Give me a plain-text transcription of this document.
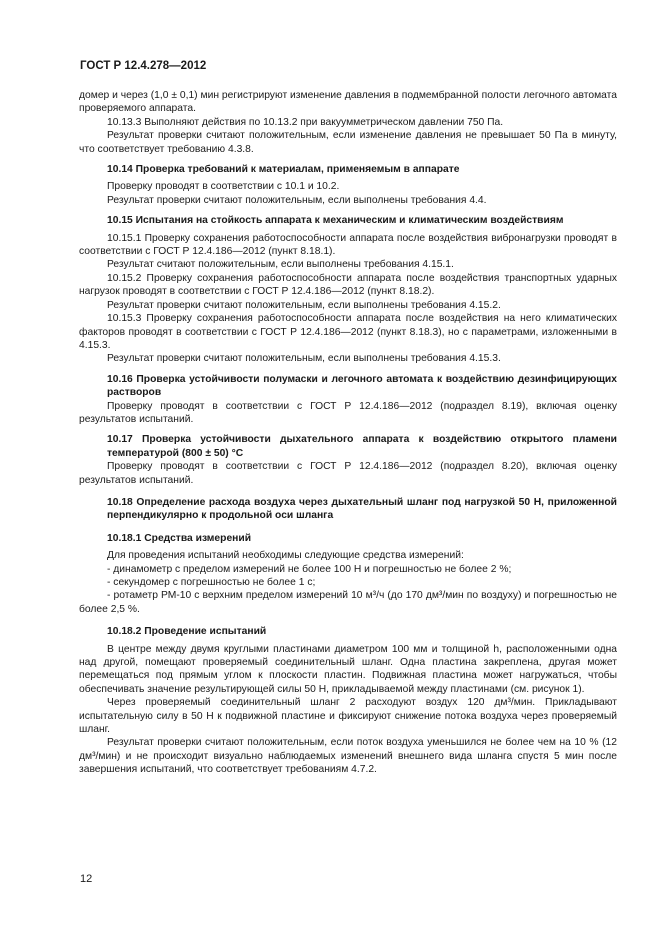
ГОСТ Р 12.4.278—2012

домер и через (1,0 ± 0,1) мин регистрируют изменение давления в подмембранной полости легочного автомата проверяемого аппарата.

10.13.3 Выполняют действия по 10.13.2 при вакуумметрическом давлении 750 Па.

Результат проверки считают положительным, если изменение давления не превышает 50 Па в минуту, что соответствует требованию 4.3.8.

10.14 Проверка требований к материалам, применяемым в аппарате

Проверку проводят в соответствии с 10.1 и 10.2.

Результат проверки считают положительным, если выполнены требования 4.4.

10.15 Испытания на стойкость аппарата к механическим и климатическим воздействиям

10.15.1 Проверку сохранения работоспособности аппарата после воздействия вибронагрузки проводят в соответствии с ГОСТ Р 12.4.186—2012 (пункт 8.18.1).

Результат считают положительным, если выполнены требования 4.15.1.

10.15.2 Проверку сохранения работоспособности аппарата после воздействия транспортных ударных нагрузок проводят в соответствии с ГОСТ Р 12.4.186—2012 (пункт 8.18.2).

Результат проверки считают положительным, если выполнены требования 4.15.2.

10.15.3 Проверку сохранения работоспособности аппарата после воздействия на него климатических факторов проводят в соответствии с ГОСТ Р 12.4.186—2012 (пункт 8.18.3), но с параметрами, изложенными в 4.15.3.

Результат проверки считают положительным, если выполнены требования 4.15.3.

10.16 Проверка устойчивости полумаски и легочного автомата к воздействию дезинфицирующих растворов

Проверку проводят в соответствии с ГОСТ Р 12.4.186—2012 (подраздел 8.19), включая оценку результатов испытаний.

10.17 Проверка устойчивости дыхательного аппарата к воздействию открытого пламени температурой (800 ± 50) °С

Проверку проводят в соответствии с ГОСТ Р 12.4.186—2012 (подраздел 8.20), включая оценку результатов испытаний.

10.18 Определение расхода воздуха через дыхательный шланг под нагрузкой 50 Н, приложенной перпендикулярно к продольной оси шланга

10.18.1 Средства измерений

Для проведения испытаний необходимы следующие средства измерений:

- динамометр с пределом измерений не более 100 Н и погрешностью не более 2 %;

- секундомер с погрешностью не более 1 с;

- ротаметр РМ-10 с верхним пределом измерений 10 м³/ч (до 170 дм³/мин по воздуху) и погрешностью не более 2,5 %.

10.18.2 Проведение испытаний

В центре между двумя круглыми пластинами диаметром 100 мм и толщиной h, расположенными одна над другой, помещают проверяемый соединительный шланг. Одна пластина закреплена, другая может перемещаться под прямым углом к плоскости пластин. Подвижная пластина может нагружаться, чтобы обеспечивать значение результирующей силы 50 Н, прикладываемой между пластинами (см. рисунок 1).

Через проверяемый соединительный шланг 2 расходуют воздух 120 дм³/мин. Прикладывают испытательную силу в 50 Н к подвижной пластине и фиксируют снижение потока воздуха через проверяемый шланг.

Результат проверки считают положительным, если поток воздуха уменьшился не более чем на 10 % (12 дм³/мин) и не происходит визуально наблюдаемых изменений внешнего вида шланга спустя 5 мин после завершения испытаний, что соответствует требованиям 4.7.2.

12
